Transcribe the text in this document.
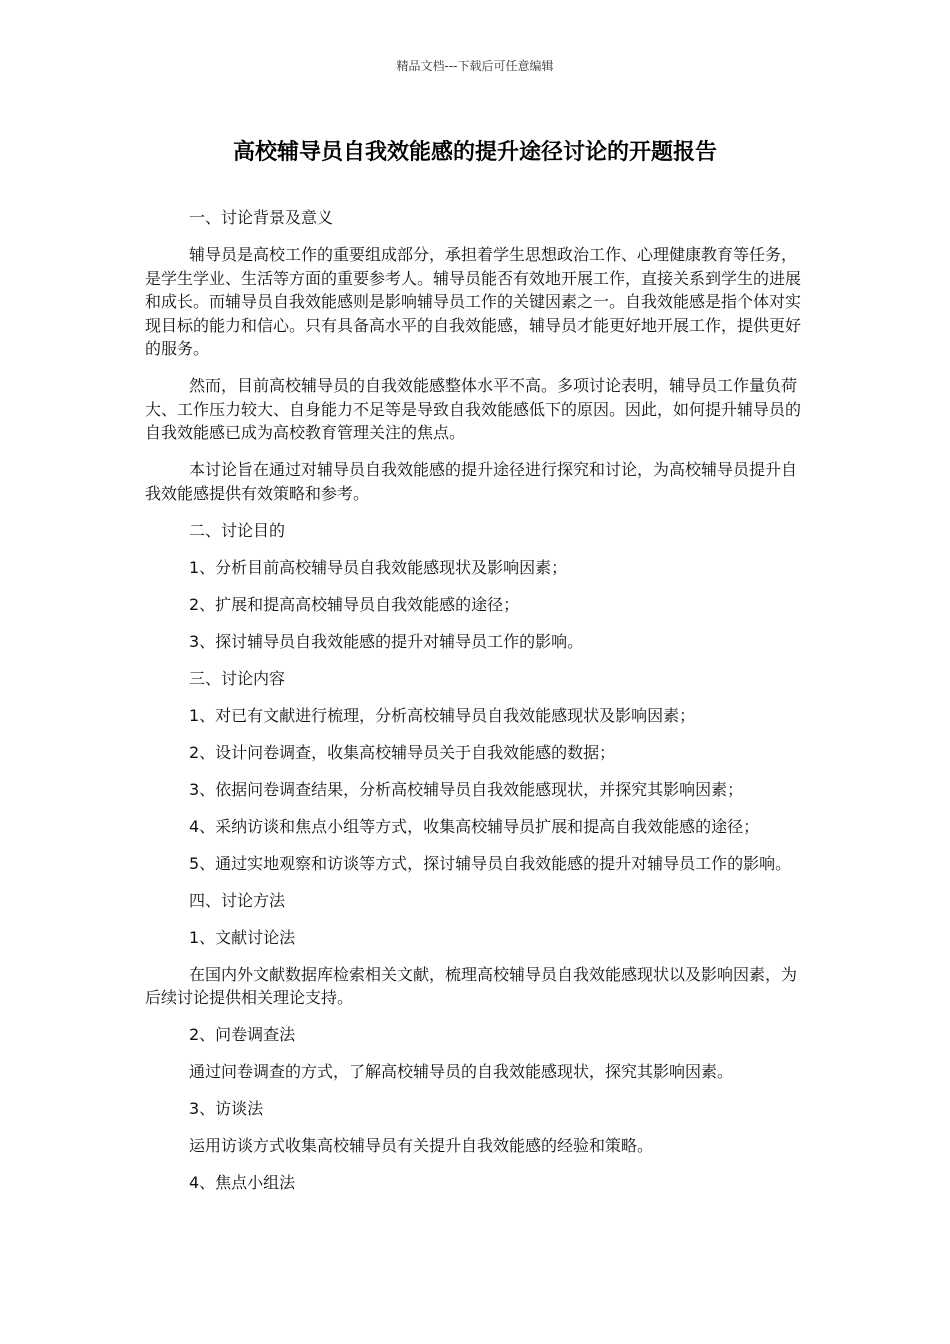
精品文档---下载后可任意编辑
高校辅导员自我效能感的提升途径讨论的开题报告

一、讨论背景及意义

辅导员是高校工作的重要组成部分，承担着学生思想政治工作、心理健康教育等任务，是学生学业、生活等方面的重要参考人。辅导员能否有效地开展工作，直接关系到学生的进展和成长。而辅导员自我效能感则是影响辅导员工作的关键因素之一。自我效能感是指个体对实现目标的能力和信心。只有具备高水平的自我效能感，辅导员才能更好地开展工作，提供更好的服务。

然而，目前高校辅导员的自我效能感整体水平不高。多项讨论表明，辅导员工作量负荷大、工作压力较大、自身能力不足等是导致自我效能感低下的原因。因此，如何提升辅导员的自我效能感已成为高校教育管理关注的焦点。

本讨论旨在通过对辅导员自我效能感的提升途径进行探究和讨论，为高校辅导员提升自我效能感提供有效策略和参考。

二、讨论目的

1、分析目前高校辅导员自我效能感现状及影响因素；

2、扩展和提高高校辅导员自我效能感的途径；

3、探讨辅导员自我效能感的提升对辅导员工作的影响。

三、讨论内容

1、对已有文献进行梳理，分析高校辅导员自我效能感现状及影响因素；

2、设计问卷调查，收集高校辅导员关于自我效能感的数据；

3、依据问卷调查结果，分析高校辅导员自我效能感现状，并探究其影响因素；

4、采纳访谈和焦点小组等方式，收集高校辅导员扩展和提高自我效能感的途径；

5、通过实地观察和访谈等方式，探讨辅导员自我效能感的提升对辅导员工作的影响。

四、讨论方法

1、文献讨论法

在国内外文献数据库检索相关文献，梳理高校辅导员自我效能感现状以及影响因素，为后续讨论提供相关理论支持。

2、问卷调查法

通过问卷调查的方式，了解高校辅导员的自我效能感现状，探究其影响因素。

3、访谈法

运用访谈方式收集高校辅导员有关提升自我效能感的经验和策略。

4、焦点小组法
